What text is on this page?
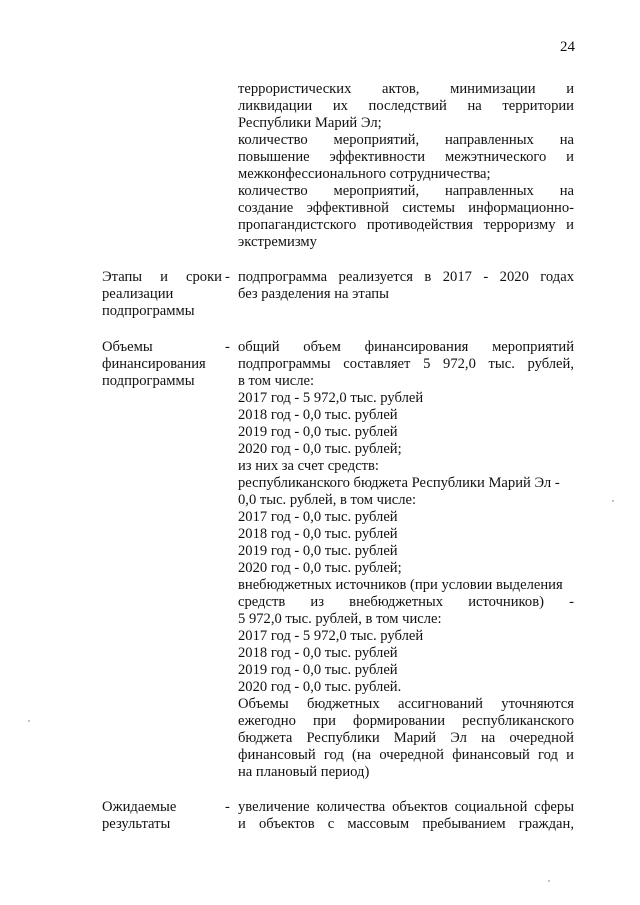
24
террористических актов, минимизации и
ликвидации их последствий на территории
Республики Марий Эл;
количество мероприятий, направленных на
повышение эффективности межэтнического и
межконфессионального сотрудничества;
количество мероприятий, направленных на
создание эффективной системы информационно-
пропагандистского противодействия терроризму и
экстремизму
Этапы и сроки
реализации
подпрограммы
- подпрограмма реализуется в 2017 - 2020 годах
без разделения на этапы
Объемы
финансирования
подпрограммы
- общий объем финансирования мероприятий
подпрограммы составляет 5 972,0 тыс. рублей,
в том числе:
2017 год - 5 972,0 тыс. рублей
2018 год - 0,0 тыс. рублей
2019 год - 0,0 тыс. рублей
2020 год - 0,0 тыс. рублей;
из них за счет средств:
республиканского бюджета Республики Марий Эл -
0,0 тыс. рублей, в том числе:
2017 год - 0,0 тыс. рублей
2018 год - 0,0 тыс. рублей
2019 год - 0,0 тыс. рублей
2020 год - 0,0 тыс. рублей;
внебюджетных источников (при условии выделения
средств из внебюджетных источников) -
5 972,0 тыс. рублей, в том числе:
2017 год - 5 972,0 тыс. рублей
2018 год - 0,0 тыс. рублей
2019 год - 0,0 тыс. рублей
2020 год - 0,0 тыс. рублей.
Объемы бюджетных ассигнований уточняются
ежегодно при формировании республиканского
бюджета Республики Марий Эл на очередной
финансовый год (на очередной финансовый год и
на плановый период)
Ожидаемые
результаты
- увеличение количества объектов социальной сферы
и объектов с массовым пребыванием граждан,
